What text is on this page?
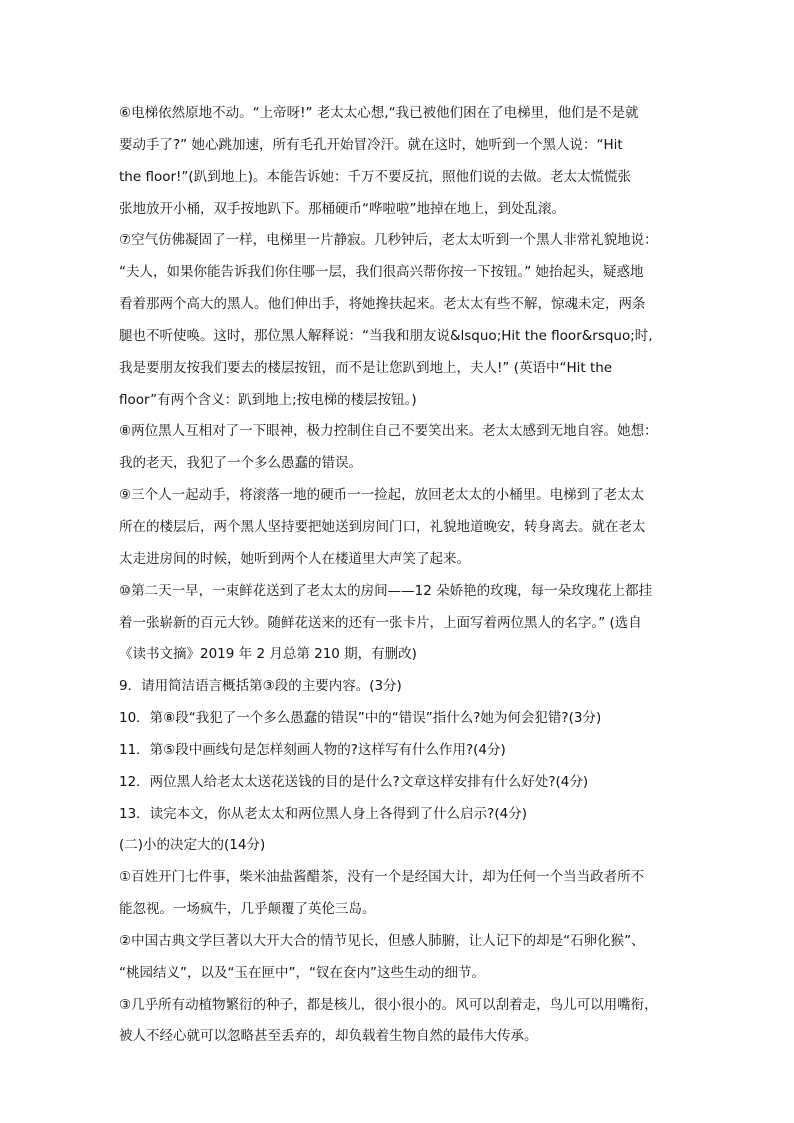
⑥电梯依然原地不动。“上帝呀!” 老太太心想,“我已被他们困在了电梯里，他们是不是就
要动手了?” 她心跳加速，所有毛孔开始冒冷汗。就在这时，她听到一个黑人说：“Hit
the floor!”(趴到地上)。本能告诉她：千万不要反抗，照他们说的去做。老太太慌慌张
张地放开小桶，双手按地趴下。那桶硬币“哗啦啦”地掉在地上，到处乱滚。
⑦空气仿佛凝固了一样，电梯里一片静寂。几秒钟后，老太太听到一个黑人非常礼貌地说：
“夫人，如果你能告诉我们你住哪一层，我们很高兴帮你按一下按钮。” 她抬起头，疑惑地
看着那两个高大的黑人。他们伸出手，将她搀扶起来。老太太有些不解，惊魂未定，两条
腿也不听使唤。这时，那位黑人解释说：“当我和朋友说&lsquo;Hit the floor&rsquo;时,
我是要朋友按我们要去的楼层按钮，而不是让您趴到地上，夫人!” (英语中“Hit the
floor”有两个含义：趴到地上;按电梯的楼层按钮。)
⑧两位黑人互相对了一下眼神，极力控制住自己不要笑出来。老太太感到无地自容。她想：
我的老天，我犯了一个多么愚蠢的错误。
⑨三个人一起动手，将滚落一地的硬币一一捡起，放回老太太的小桶里。电梯到了老太太
所在的楼层后，两个黑人坚持要把她送到房间门口，礼貌地道晚安，转身离去。就在老太
太走进房间的时候，她听到两个人在楼道里大声笑了起来。
⑩第二天一早，一束鲜花送到了老太太的房间——12 朵娇艳的玫瑰，每一朵玫瑰花上都挂
着一张崭新的百元大钞。随鲜花送来的还有一张卡片，上面写着两位黑人的名字。” (选自
《读书文摘》2019 年 2 月总第 210 期，有删改)
9．请用简洁语言概括第③段的主要内容。(3分)
10．第⑧段“我犯了一个多么愚蠢的错误”中的“错误”指什么?她为何会犯错?(3分)
11．第⑤段中画线句是怎样刻画人物的?这样写有什么作用?(4分)
12．两位黑人给老太太送花送钱的目的是什么?文章这样安排有什么好处?(4分)
13．读完本文，你从老太太和两位黑人身上各得到了什么启示?(4分)
(二)小的决定大的(14分)
①百姓开门七件事，柴米油盐酱醋茶，没有一个是经国大计，却为任何一个当当政者所不
能忽视。一场疯牛，几乎颠覆了英伦三岛。
②中国古典文学巨著以大开大合的情节见长，但感人肺腑，让人记下的却是“石卵化猴”、
“桃园结义”，以及“玉在匣中”，“钗在奁内”这些生动的细节。
③几乎所有动植物繁衍的种子，都是核儿，很小很小的。风可以刮着走，鸟儿可以用嘴衔，
被人不经心就可以忽略甚至丢弃的，却负载着生物自然的最伟大传承。
